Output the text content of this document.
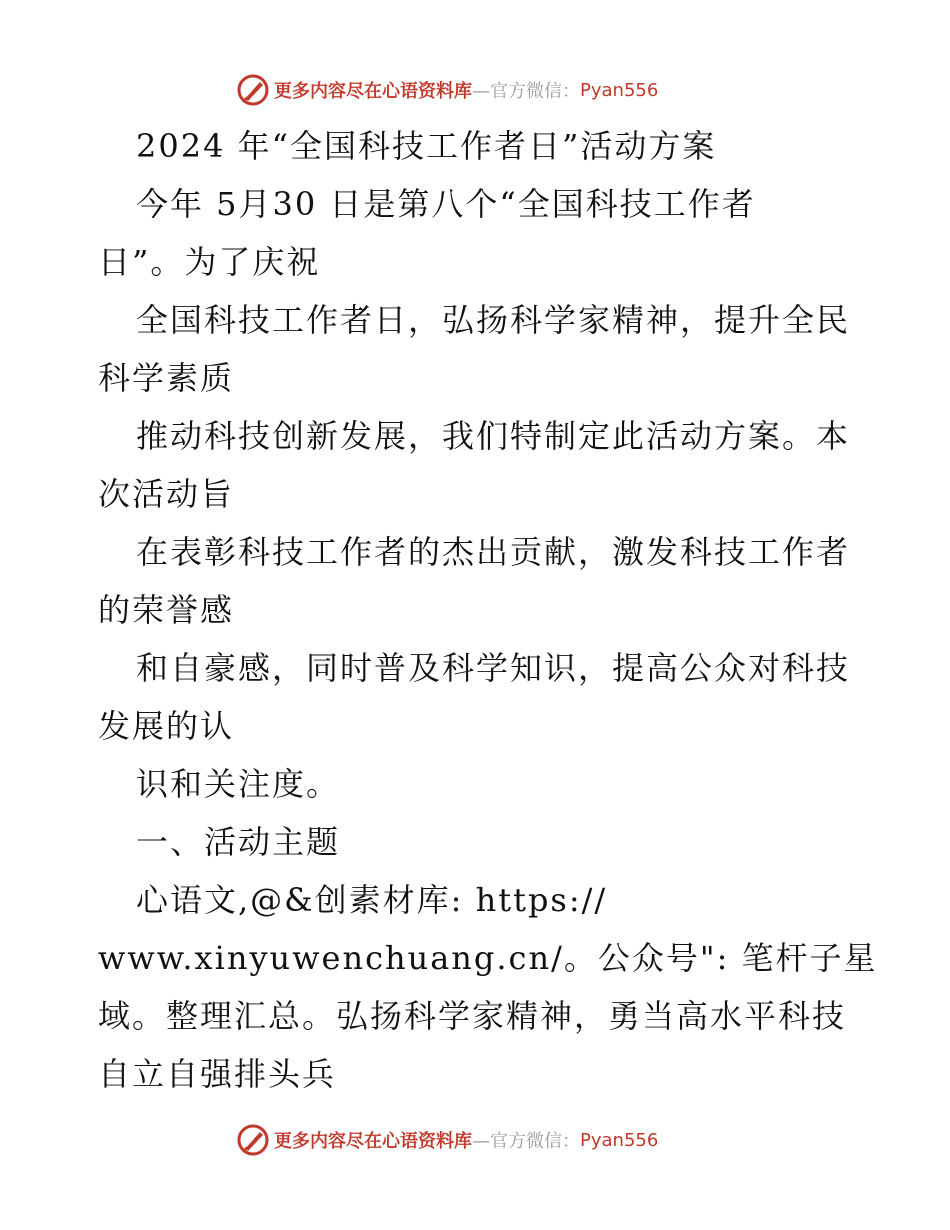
更多内容尽在心语资料库 —官方微信： Pyan556
2024 年“全国科技工作者日”活动方案
今年 5月30 日是第八个“全国科技工作者
日”。为了庆祝
全国科技工作者日，弘扬科学家精神，提升全民
科学素质
推动科技创新发展，我们特制定此活动方案。本
次活动旨
在表彰科技工作者的杰出贡献，激发科技工作者
的荣誉感
和自豪感，同时普及科学知识，提高公众对科技
发展的认
识和关注度。
一、活动主题
心语文,@&创素材库: https://
www.xinyuwenchuang.cn/。公众号": 笔杆子星
域。整理汇总。弘扬科学家精神，勇当高水平科技
自立自强排头兵
更多内容尽在心语资料库 —官方微信： Pyan556
